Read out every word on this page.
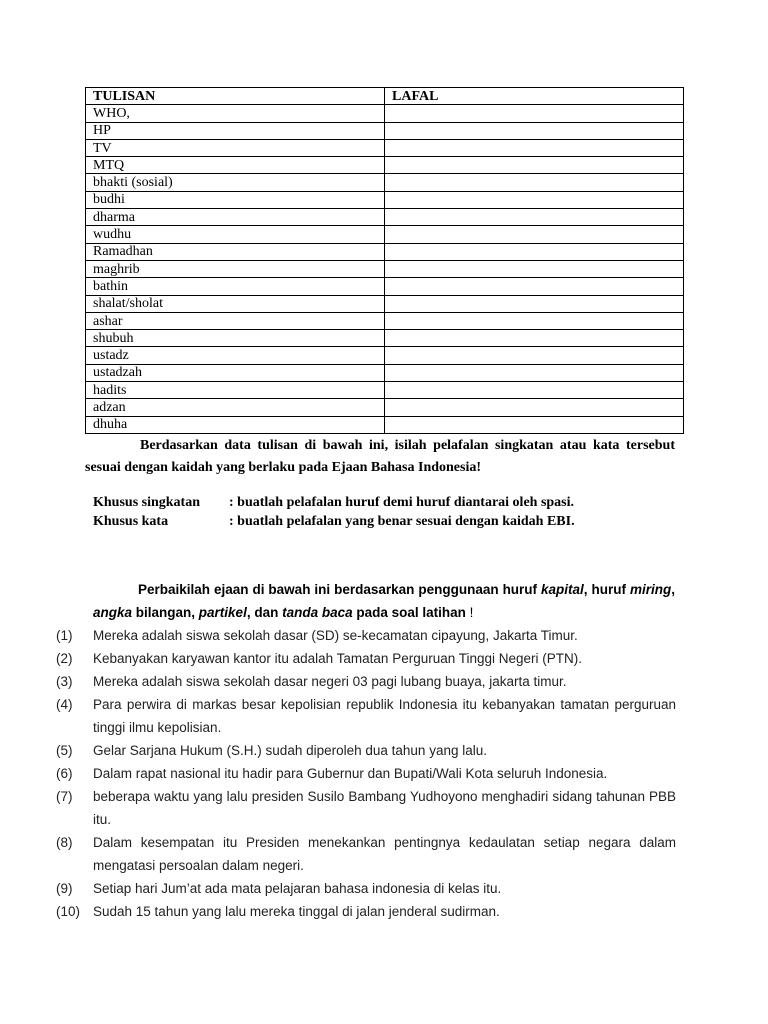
TULISAN	LAFAL
WHO,	
HP	
TV	
MTQ	
bhakti (sosial)	
budhi	
dharma	
wudhu	
Ramadhan	
maghrib	
bathin	
shalat/sholat	
ashar	
shubuh	
ustadz	
ustadzah	
hadits	
adzan	
dhuha	
Berdasarkan data tulisan di bawah ini, isilah pelafalan singkatan atau kata tersebut sesuai dengan kaidah yang berlaku pada Ejaan Bahasa Indonesia!
Khusus singkatan : buatlah pelafalan huruf demi huruf diantarai oleh spasi.
Khusus kata	: buatlah pelafalan yang benar sesuai dengan kaidah EBI.
Perbaikilah ejaan di bawah ini berdasarkan penggunaan huruf kapital, huruf miring, angka bilangan, partikel, dan tanda baca pada soal latihan !
(1)	Mereka adalah siswa sekolah dasar (SD) se-kecamatan cipayung, Jakarta Timur.
(2)	Kebanyakan karyawan kantor itu adalah Tamatan Perguruan Tinggi Negeri (PTN).
(3)	Mereka adalah siswa sekolah dasar negeri 03 pagi lubang buaya, jakarta timur.
(4)	Para perwira di markas besar kepolisian republik Indonesia itu kebanyakan tamatan perguruan tinggi ilmu kepolisian.
(5)	Gelar Sarjana Hukum (S.H.) sudah diperoleh dua tahun yang lalu.
(6)	Dalam rapat nasional itu hadir para Gubernur dan Bupati/Wali Kota seluruh Indonesia.
(7)	beberapa waktu yang lalu presiden Susilo Bambang Yudhoyono menghadiri sidang tahunan PBB itu.
(8)	Dalam kesempatan itu Presiden menekankan pentingnya kedaulatan setiap negara dalam mengatasi persoalan dalam negeri.
(9)	Setiap hari Jum’at ada mata pelajaran bahasa indonesia di kelas itu.
(10) Sudah 15 tahun yang lalu mereka tinggal di jalan jenderal sudirman.
